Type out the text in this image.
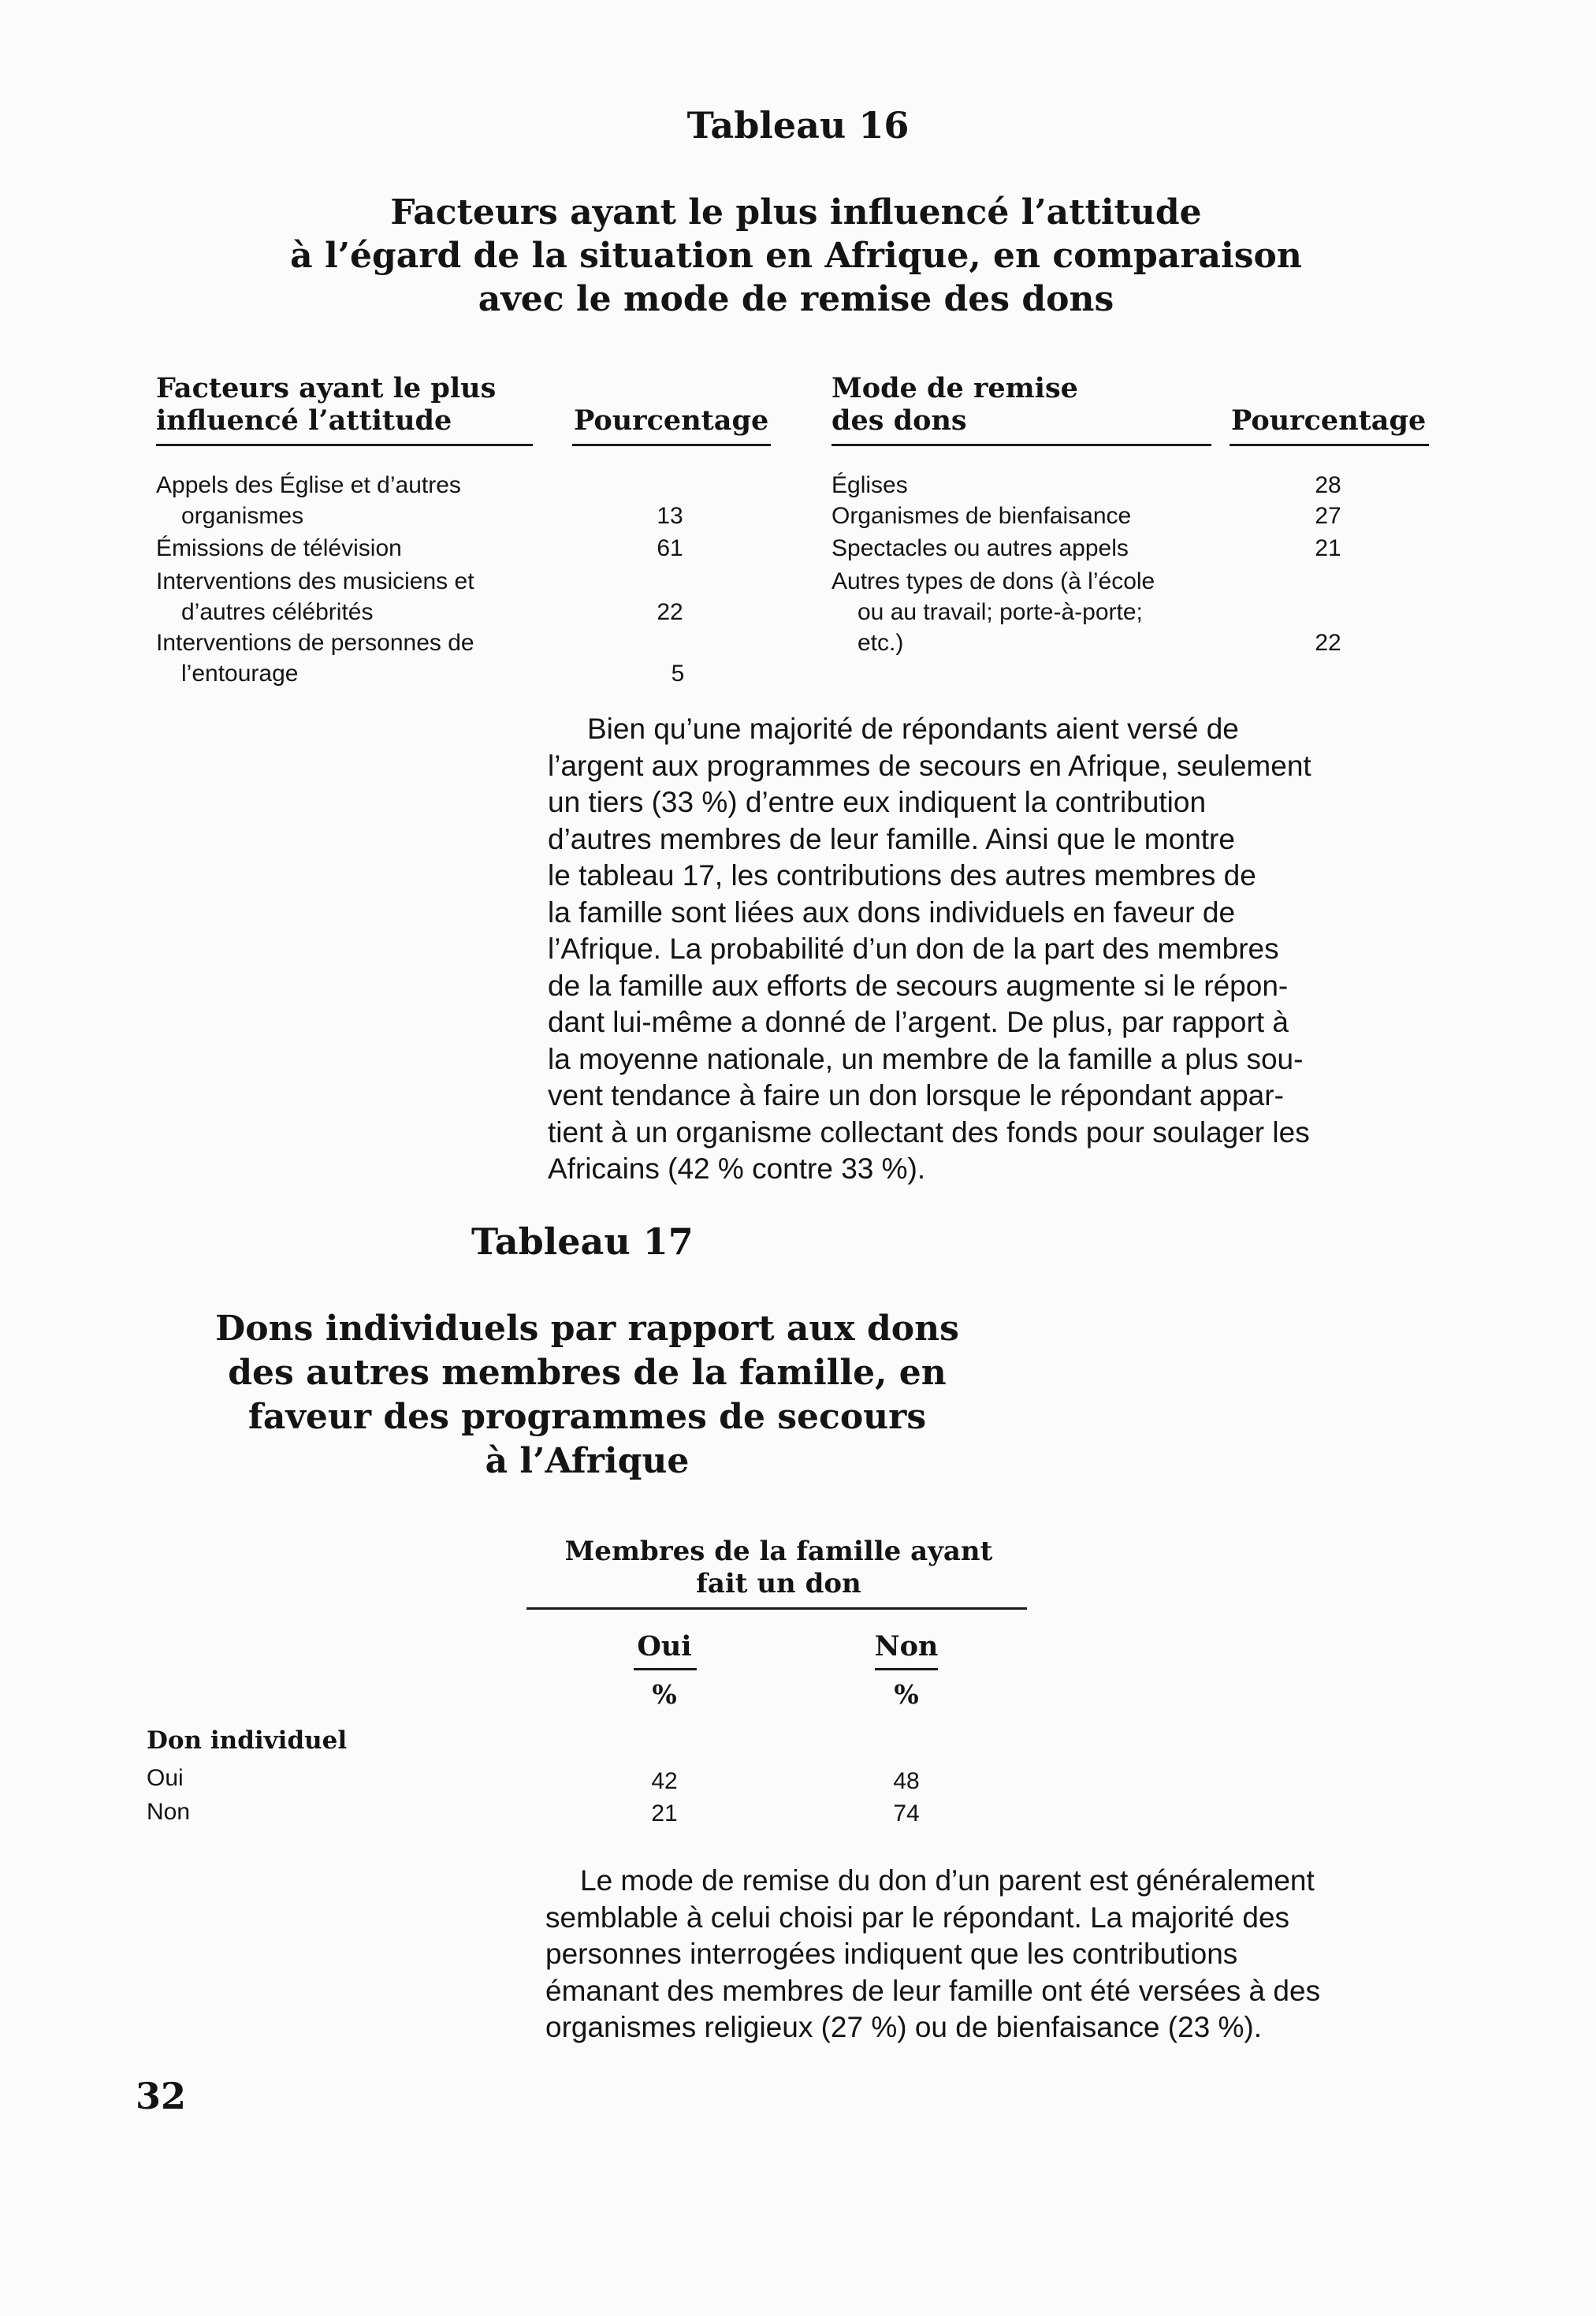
Tableau 16
Facteurs ayant le plus influencé l’attitude
à l’égard de la situation en Afrique, en comparaison
avec le mode de remise des dons
Facteurs ayant le plus
influencé l’attitude	Pourcentage
Mode de remise
des dons	Pourcentage
Appels des Église et d’autres
organismes	13
Émissions de télévision	61
Interventions des musiciens et
d’autres célébrités	22
Interventions de personnes de
l’entourage	5
Églises	28
Organismes de bienfaisance	27
Spectacles ou autres appels	21
Autres types de dons (à l’école
ou au travail; porte-à-porte;
etc.)	22
Bien qu’une majorité de répondants aient versé de
l’argent aux programmes de secours en Afrique, seulement
un tiers (33 %) d’entre eux indiquent la contribution
d’autres membres de leur famille. Ainsi que le montre
le tableau 17, les contributions des autres membres de
la famille sont liées aux dons individuels en faveur de
l’Afrique. La probabilité d’un don de la part des membres
de la famille aux efforts de secours augmente si le répon-
dant lui-même a donné de l’argent. De plus, par rapport à
la moyenne nationale, un membre de la famille a plus sou-
vent tendance à faire un don lorsque le répondant appar-
tient à un organisme collectant des fonds pour soulager les
Africains (42 % contre 33 %).
Tableau 17
Dons individuels par rapport aux dons
des autres membres de la famille, en
faveur des programmes de secours
à l’Afrique
Membres de la famille ayant
fait un don
Oui	Non
%	%
Don individuel
Oui	42	48
Non	21	74
Le mode de remise du don d’un parent est généralement
semblable à celui choisi par le répondant. La majorité des
personnes interrogées indiquent que les contributions
émanant des membres de leur famille ont été versées à des
organismes religieux (27 %) ou de bienfaisance (23 %).
32
